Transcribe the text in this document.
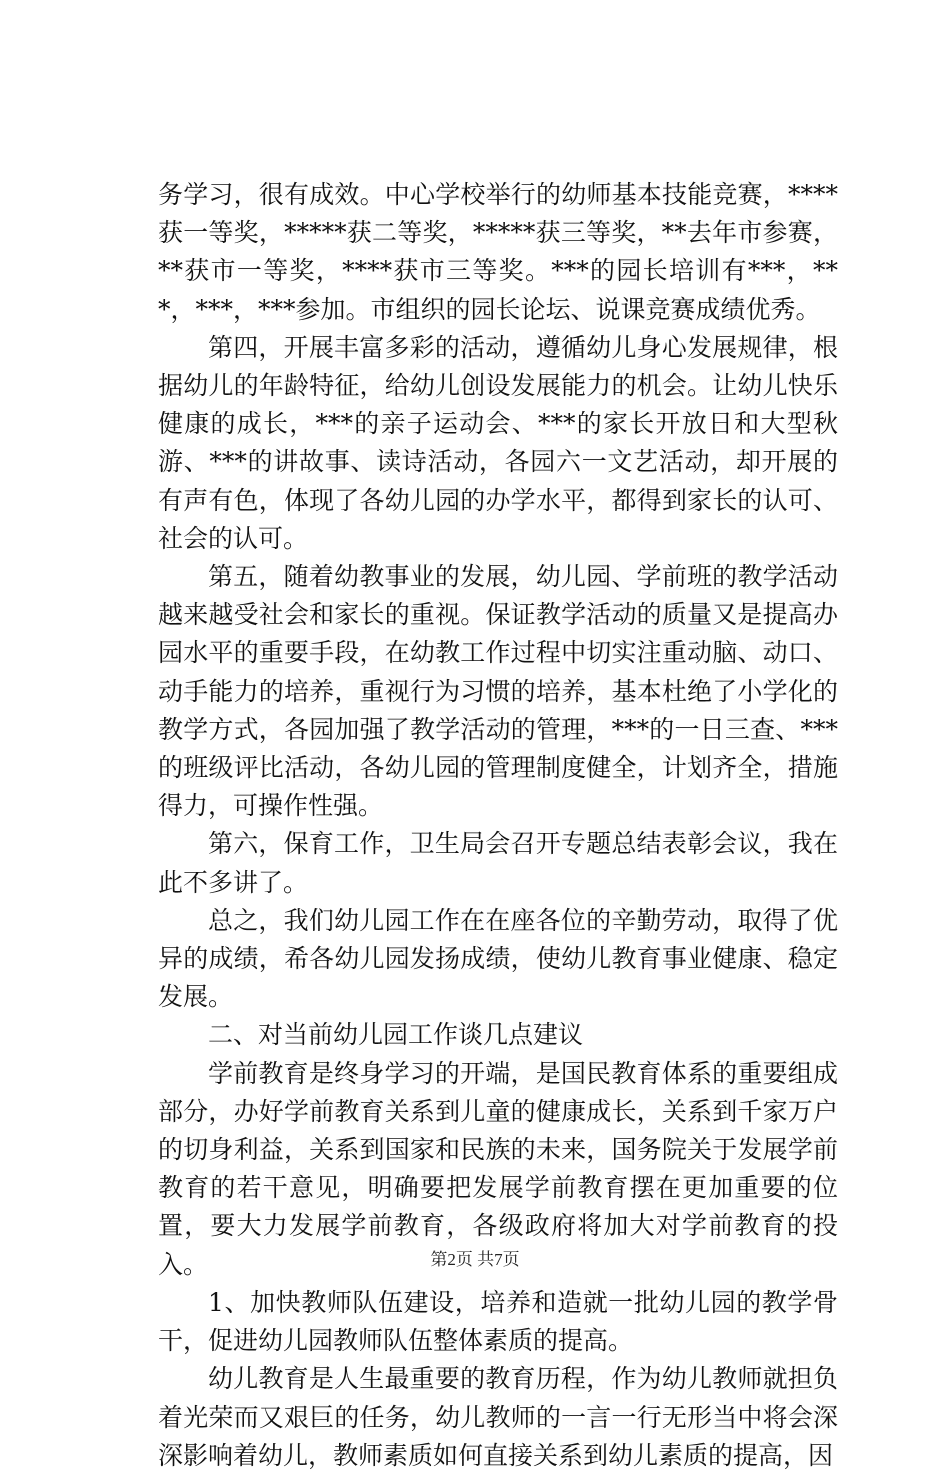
务学习，很有成效。中心学校举行的幼师基本技能竞赛，****获一等奖，*****获二等奖，*****获三等奖，**去年市参赛，**获市一等奖，****获市三等奖。***的园长培训有***，***，***，***参加。市组织的园长论坛、说课竞赛成绩优秀。

第四，开展丰富多彩的活动，遵循幼儿身心发展规律，根据幼儿的年龄特征，给幼儿创设发展能力的机会。让幼儿快乐健康的成长，***的亲子运动会、***的家长开放日和大型秋游、***的讲故事、读诗活动，各园六一文艺活动，却开展的有声有色，体现了各幼儿园的办学水平，都得到家长的认可、社会的认可。

第五，随着幼教事业的发展，幼儿园、学前班的教学活动越来越受社会和家长的重视。保证教学活动的质量又是提高办园水平的重要手段，在幼教工作过程中切实注重动脑、动口、动手能力的培养，重视行为习惯的培养，基本杜绝了小学化的教学方式，各园加强了教学活动的管理，***的一日三查、***的班级评比活动，各幼儿园的管理制度健全，计划齐全，措施得力，可操作性强。

第六，保育工作，卫生局会召开专题总结表彰会议，我在此不多讲了。

总之，我们幼儿园工作在在座各位的辛勤劳动，取得了优异的成绩，希各幼儿园发扬成绩，使幼儿教育事业健康、稳定发展。

二、对当前幼儿园工作谈几点建议

学前教育是终身学习的开端，是国民教育体系的重要组成部分，办好学前教育关系到儿童的健康成长，关系到千家万户的切身利益，关系到国家和民族的未来，国务院关于发展学前教育的若干意见，明确要把发展学前教育摆在更加重要的位置，要大力发展学前教育，各级政府将加大对学前教育的投入。

1、加快教师队伍建设，培养和造就一批幼儿园的教学骨干，促进幼儿园教师队伍整体素质的提高。

幼儿教育是人生最重要的教育历程，作为幼儿教师就担负着光荣而又艰巨的任务，幼儿教师的一言一行无形当中将会深深影响着幼儿，教师素质如何直接关系到幼儿素质的提高，因

第2页 共7页
